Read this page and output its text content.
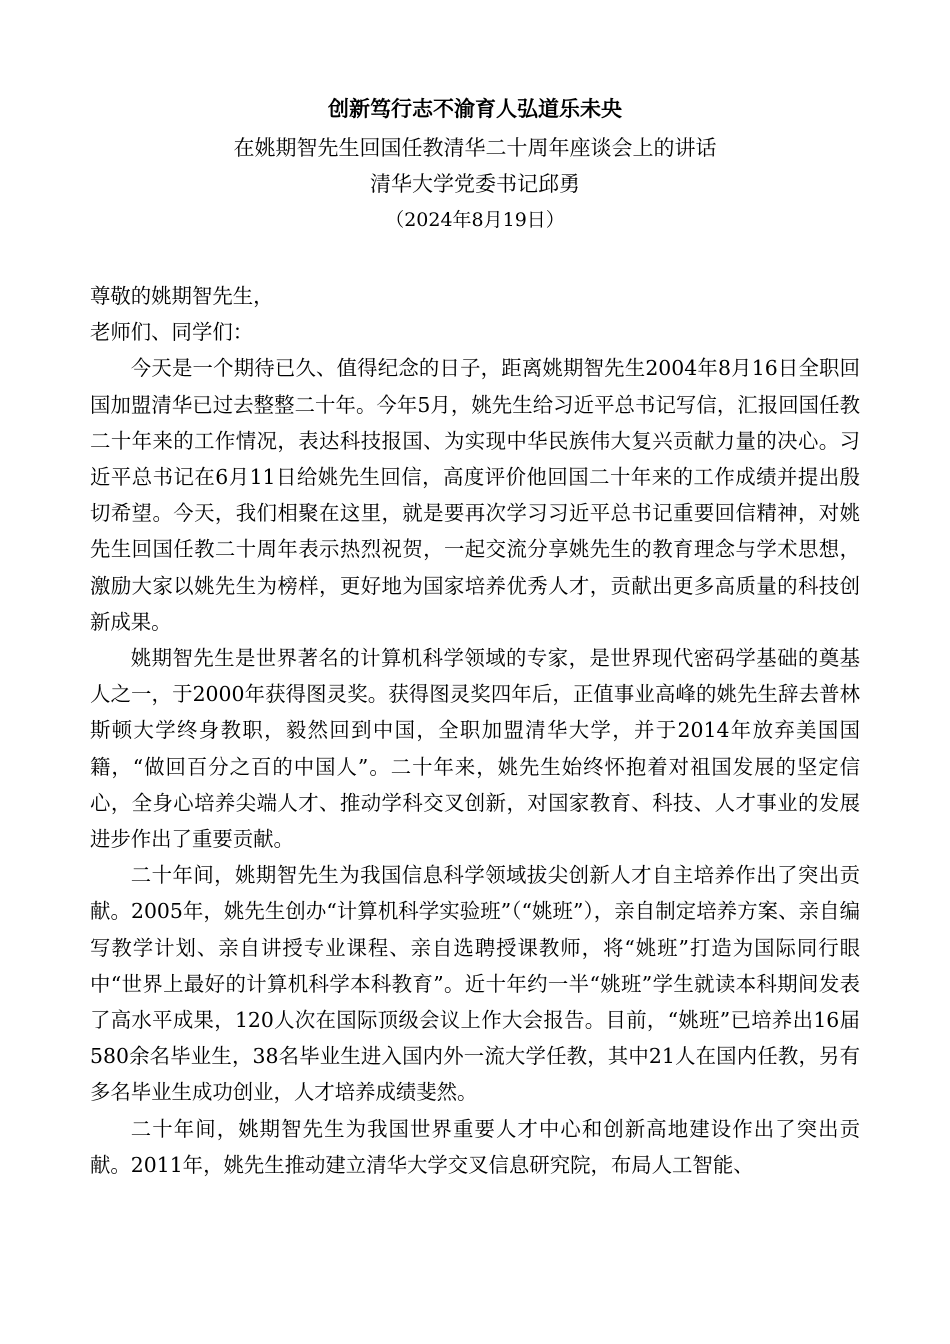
创新笃行志不渝育人弘道乐未央
在姚期智先生回国任教清华二十周年座谈会上的讲话
清华大学党委书记邱勇
（2024年8月19日）

尊敬的姚期智先生，

老师们、同学们：

今天是一个期待已久、值得纪念的日子，距离姚期智先生2004年8月16日全职回国加盟清华已过去整整二十年。今年5月，姚先生给习近平总书记写信，汇报回国任教二十年来的工作情况，表达科技报国、为实现中华民族伟大复兴贡献力量的决心。习近平总书记在6月11日给姚先生回信，高度评价他回国二十年来的工作成绩并提出殷切希望。今天，我们相聚在这里，就是要再次学习习近平总书记重要回信精神，对姚先生回国任教二十周年表示热烈祝贺，一起交流分享姚先生的教育理念与学术思想，激励大家以姚先生为榜样，更好地为国家培养优秀人才，贡献出更多高质量的科技创新成果。

姚期智先生是世界著名的计算机科学领域的专家，是世界现代密码学基础的奠基人之一，于2000年获得图灵奖。获得图灵奖四年后，正值事业高峰的姚先生辞去普林斯顿大学终身教职，毅然回到中国，全职加盟清华大学，并于2014年放弃美国国籍，“做回百分之百的中国人”。二十年来，姚先生始终怀抱着对祖国发展的坚定信心，全身心培养尖端人才、推动学科交叉创新，对国家教育、科技、人才事业的发展进步作出了重要贡献。

二十年间，姚期智先生为我国信息科学领域拔尖创新人才自主培养作出了突出贡献。2005年，姚先生创办“计算机科学实验班”（“姚班”），亲自制定培养方案、亲自编写教学计划、亲自讲授专业课程、亲自选聘授课教师，将“姚班”打造为国际同行眼中“世界上最好的计算机科学本科教育”。近十年约一半“姚班”学生就读本科期间发表了高水平成果，120人次在国际顶级会议上作大会报告。目前，“姚班”已培养出16届580余名毕业生，38名毕业生进入国内外一流大学任教，其中21人在国内任教，另有多名毕业生成功创业，人才培养成绩斐然。

二十年间，姚期智先生为我国世界重要人才中心和创新高地建设作出了突出贡献。2011年，姚先生推动建立清华大学交叉信息研究院，布局人工智能、
